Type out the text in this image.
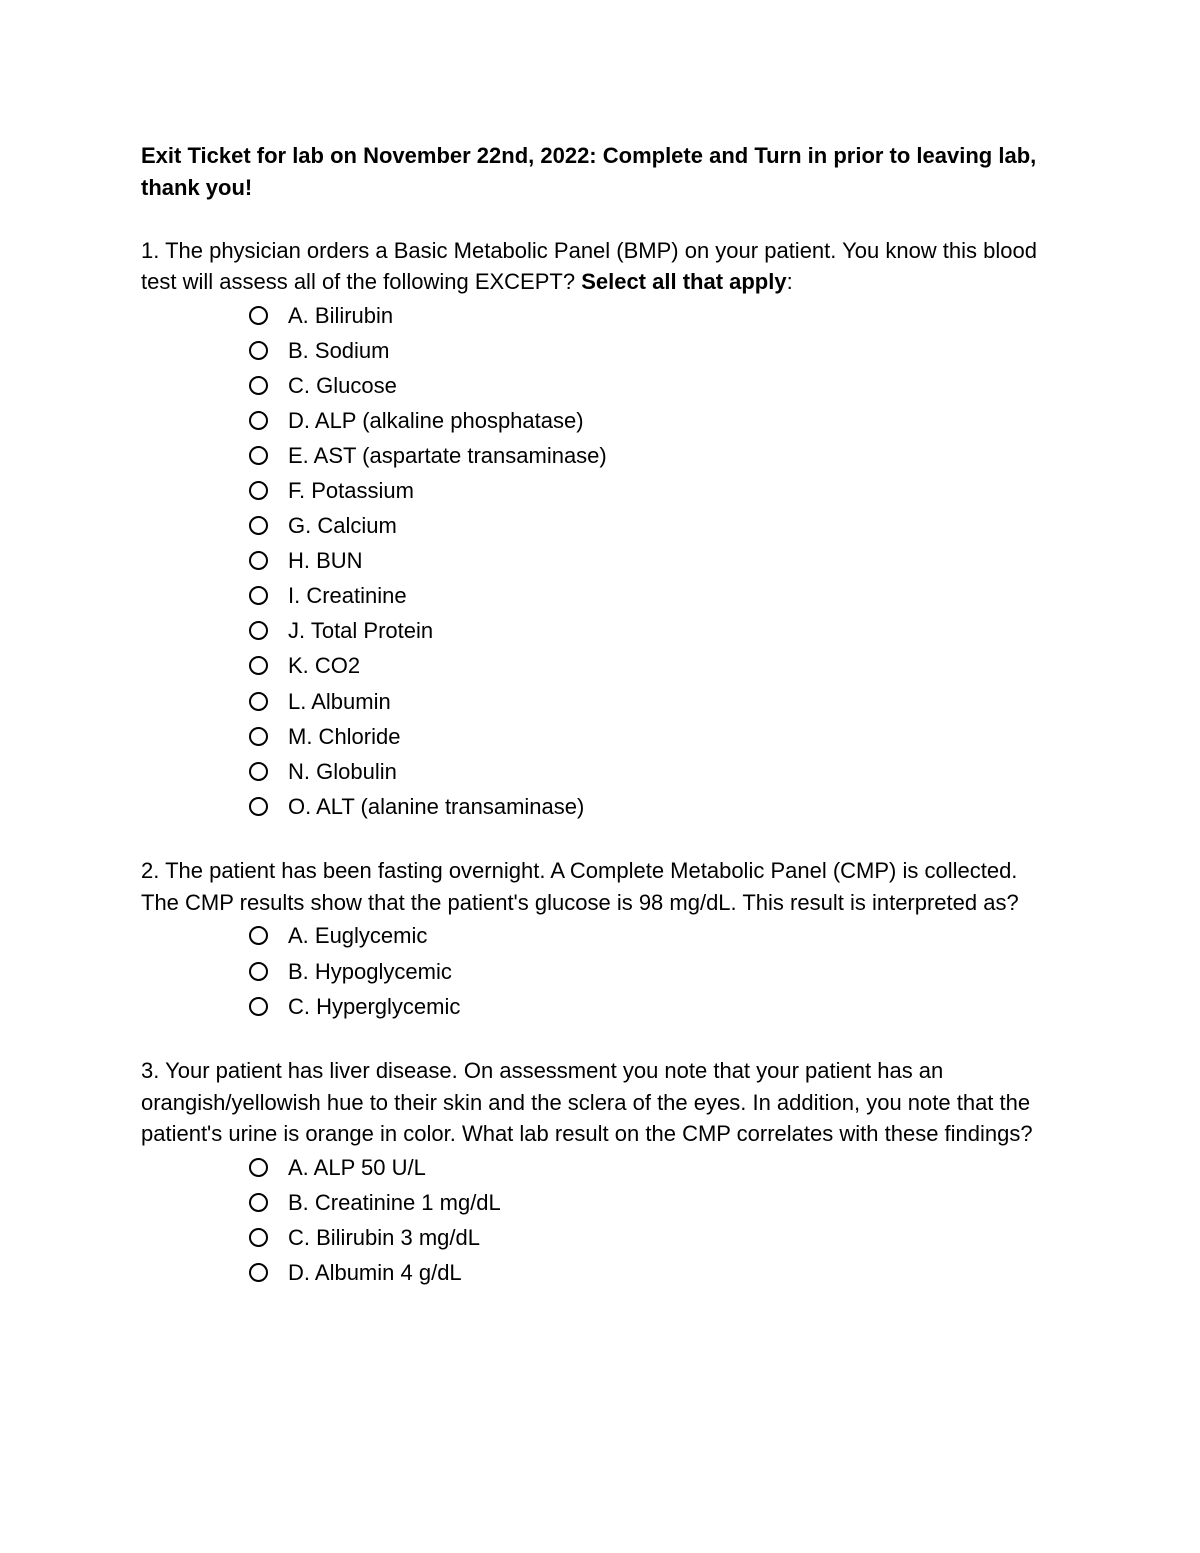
Exit Ticket for lab on November 22nd, 2022: Complete and Turn in prior to leaving lab, thank you!

1. The physician orders a Basic Metabolic Panel (BMP) on your patient. You know this blood test will assess all of the following EXCEPT? Select all that apply:

A. Bilirubin
B. Sodium
C. Glucose
D. ALP (alkaline phosphatase)
E. AST (aspartate transaminase)
F. Potassium
G. Calcium
H. BUN
I. Creatinine
J. Total Protein
K. CO2
L. Albumin
M. Chloride
N. Globulin
O. ALT (alanine transaminase)

2. The patient has been fasting overnight. A Complete Metabolic Panel (CMP) is collected. The CMP results show that the patient's glucose is 98 mg/dL. This result is interpreted as?

A. Euglycemic
B. Hypoglycemic
C. Hyperglycemic

3. Your patient has liver disease. On assessment you note that your patient has an orangish/yellowish hue to their skin and the sclera of the eyes. In addition, you note that the patient's urine is orange in color. What lab result on the CMP correlates with these findings?

A. ALP 50 U/L
B. Creatinine 1 mg/dL
C. Bilirubin 3 mg/dL
D. Albumin 4 g/dL
